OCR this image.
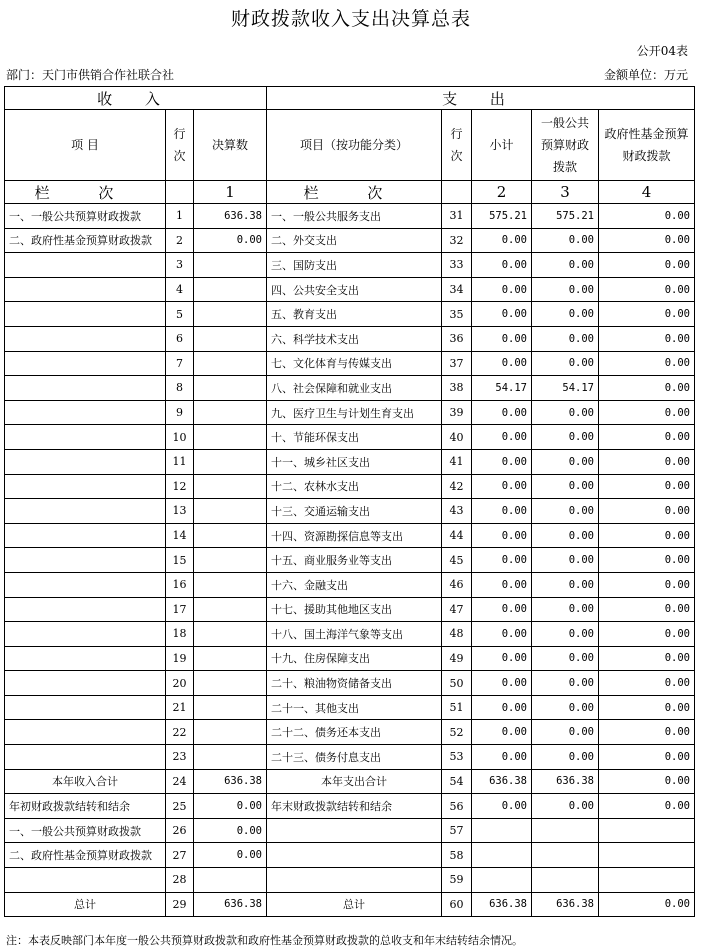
财政拨款收入支出决算总表
公开04表
部门：天门市供销合作社联合社	金额单位：万元
收 入			支 出				
项 目	行次	决算数	项目（按功能分类）	行次	小计	一般公共预算财政拨款	政府性基金预算财政拨款
栏 次		1	栏 次		2	3	4
一、一般公共预算财政拨款	1	636.38	一、一般公共服务支出	31	575.21	575.21	0.00
二、政府性基金预算财政拨款	2	0.00	二、外交支出	32	0.00	0.00	0.00
	3		三、国防支出	33	0.00	0.00	0.00
	4		四、公共安全支出	34	0.00	0.00	0.00
	5		五、教育支出	35	0.00	0.00	0.00
	6		六、科学技术支出	36	0.00	0.00	0.00
	7		七、文化体育与传媒支出	37	0.00	0.00	0.00
	8		八、社会保障和就业支出	38	54.17	54.17	0.00
	9		九、医疗卫生与计划生育支出	39	0.00	0.00	0.00
	10		十、节能环保支出	40	0.00	0.00	0.00
	11		十一、城乡社区支出	41	0.00	0.00	0.00
	12		十二、农林水支出	42	0.00	0.00	0.00
	13		十三、交通运输支出	43	0.00	0.00	0.00
	14		十四、资源勘探信息等支出	44	0.00	0.00	0.00
	15		十五、商业服务业等支出	45	0.00	0.00	0.00
	16		十六、金融支出	46	0.00	0.00	0.00
	17		十七、援助其他地区支出	47	0.00	0.00	0.00
	18		十八、国土海洋气象等支出	48	0.00	0.00	0.00
	19		十九、住房保障支出	49	0.00	0.00	0.00
	20		二十、粮油物资储备支出	50	0.00	0.00	0.00
	21		二十一、其他支出	51	0.00	0.00	0.00
	22		二十二、债务还本支出	52	0.00	0.00	0.00
	23		二十三、债务付息支出	53	0.00	0.00	0.00
本年收入合计	24	636.38	本年支出合计	54	636.38	636.38	0.00
年初财政拨款结转和结余	25	0.00	年末财政拨款结转和结余	56	0.00	0.00	0.00
一、一般公共预算财政拨款	26	0.00		57			
二、政府性基金预算财政拨款	27	0.00		58			
	28			59			
总计	29	636.38	总计	60	636.38	636.38	0.00
注：本表反映部门本年度一般公共预算财政拨款和政府性基金预算财政拨款的总收支和年末结转结余情况。
